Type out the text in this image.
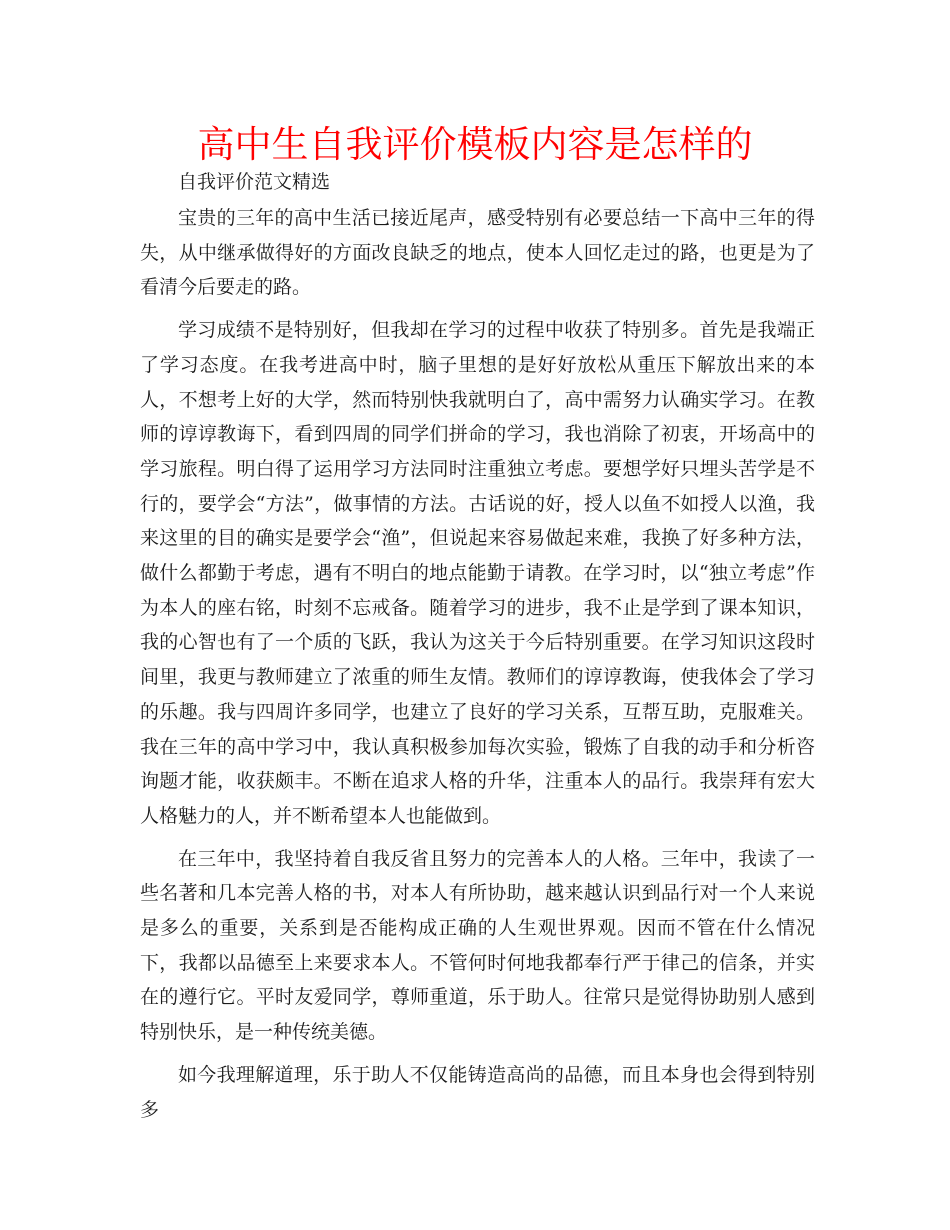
高中生自我评价模板内容是怎样的

自我评价范文精选

宝贵的三年的高中生活已接近尾声，感受特别有必要总结一下高中三年的得失，从中继承做得好的方面改良缺乏的地点，使本人回忆走过的路，也更是为了看清今后要走的路。

学习成绩不是特别好，但我却在学习的过程中收获了特别多。首先是我端正了学习态度。在我考进高中时，脑子里想的是好好放松从重压下解放出来的本人，不想考上好的大学，然而特别快我就明白了，高中需努力认确实学习。在教师的谆谆教诲下，看到四周的同学们拼命的学习，我也消除了初衷，开场高中的学习旅程。明白得了运用学习方法同时注重独立考虑。要想学好只埋头苦学是不行的，要学会“方法”，做事情的方法。古话说的好，授人以鱼不如授人以渔，我来这里的目的确实是要学会“渔”，但说起来容易做起来难，我换了好多种方法，做什么都勤于考虑，遇有不明白的地点能勤于请教。在学习时，以“独立考虑”作为本人的座右铭，时刻不忘戒备。随着学习的进步，我不止是学到了课本知识，我的心智也有了一个质的飞跃，我认为这关于今后特别重要。在学习知识这段时间里，我更与教师建立了浓重的师生友情。教师们的谆谆教诲，使我体会了学习的乐趣。我与四周许多同学，也建立了良好的学习关系，互帮互助，克服难关。我在三年的高中学习中，我认真积极参加每次实验，锻炼了自我的动手和分析咨询题才能，收获颇丰。不断在追求人格的升华，注重本人的品行。我崇拜有宏大人格魅力的人，并不断希望本人也能做到。

在三年中，我坚持着自我反省且努力的完善本人的人格。三年中，我读了一些名著和几本完善人格的书，对本人有所协助，越来越认识到品行对一个人来说是多么的重要，关系到是否能构成正确的人生观世界观。因而不管在什么情况下，我都以品德至上来要求本人。不管何时何地我都奉行严于律己的信条，并实在的遵行它。平时友爱同学，尊师重道，乐于助人。往常只是觉得协助别人感到特别快乐，是一种传统美德。

如今我理解道理，乐于助人不仅能铸造高尚的品德，而且本身也会得到特别多
